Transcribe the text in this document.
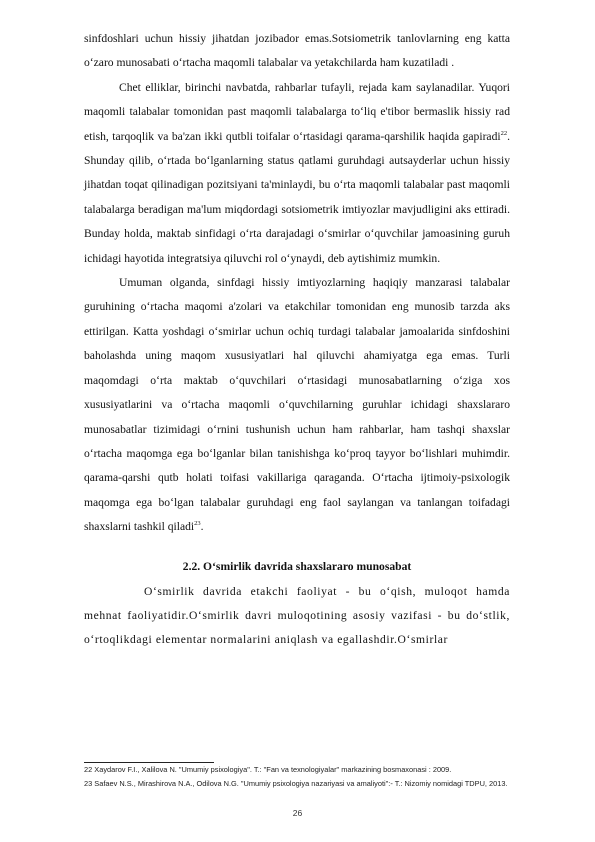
sinfdoshlari uchun hissiy jihatdan jozibador emas.Sotsiometrik tanlovlarning eng katta o‘zaro munosabati o‘rtacha maqomli talabalar va yetakchilarda ham kuzatiladi .

Chet elliklar, birinchi navbatda, rahbarlar tufayli, rejada kam saylanadilar. Yuqori maqomli talabalar tomonidan past maqomli talabalarga to‘liq e'tibor bermaslik hissiy rad etish, tarqoqlik va ba'zan ikki qutbli toifalar o‘rtasidagi qarama-qarshilik haqida gapiradi$^{22}$. Shunday qilib, o‘rtada bo‘lganlarning status qatlami guruhdagi autsayderlar uchun hissiy jihatdan toqat qilinadigan pozitsiyani ta'minlaydi, bu o‘rta maqomli talabalar past maqomli talabalarga beradigan ma'lum miqdordagi sotsiometrik imtiyozlar mavjudligini aks ettiradi. Bunday holda, maktab sinfidagi o‘rta darajadagi o‘smirlar o‘quvchilar jamoasining guruh ichidagi hayotida integratsiya qiluvchi rol o‘ynaydi, deb aytishimiz mumkin.

Umuman olganda, sinfdagi hissiy imtiyozlarning haqiqiy manzarasi talabalar guruhining o‘rtacha maqomi a'zolari va etakchilar tomonidan eng munosib tarzda aks ettirilgan. Katta yoshdagi o‘smirlar uchun ochiq turdagi talabalar jamoalarida sinfdoshini baholashda uning maqom xususiyatlari hal qiluvchi ahamiyatga ega emas. Turli maqomdagi o‘rta maktab o‘quvchilari o‘rtasidagi munosabatlarning o‘ziga xos xususiyatlarini va o‘rtacha maqomli o‘quvchilarning guruhlar ichidagi shaxslararo munosabatlar tizimidagi o‘rnini tushunish uchun ham rahbarlar, ham tashqi shaxslar o‘rtacha maqomga ega bo‘lganlar bilan tanishishga ko‘proq tayyor bo‘lishlari muhimdir. qarama-qarshi qutb holati toifasi vakillariga qaraganda. O‘rtacha ijtimoiy-psixologik maqomga ega bo‘lgan talabalar guruhdagi eng faol saylangan va tanlangan toifadagi shaxslarni tashkil qiladi$^{23}$.

2.2. O‘smirlik davrida shaxslararo munosabat

O‘smirlik davrida etakchi faoliyat - bu o‘qish, muloqot hamda mehnat faoliyatidir.O‘smirlik davri muloqotining asosiy vazifasi - bu do‘stlik, o‘rtoqlikdagi elementar normalarini aniqlash va egallashdir.O‘smirlar

22 Xaydarov F.I., Xalilova N. "Umumiy psixologiya". T.: "Fan va texnologiyalar" markazining bosmaxonasi : 2009.

23 Safaev N.S., Mirashirova N.A., Odilova N.G. "Umumiy psixologiya nazariyasi va amaliyoti":- T.: Nizomiy nomidagi TDPU, 2013.

26
